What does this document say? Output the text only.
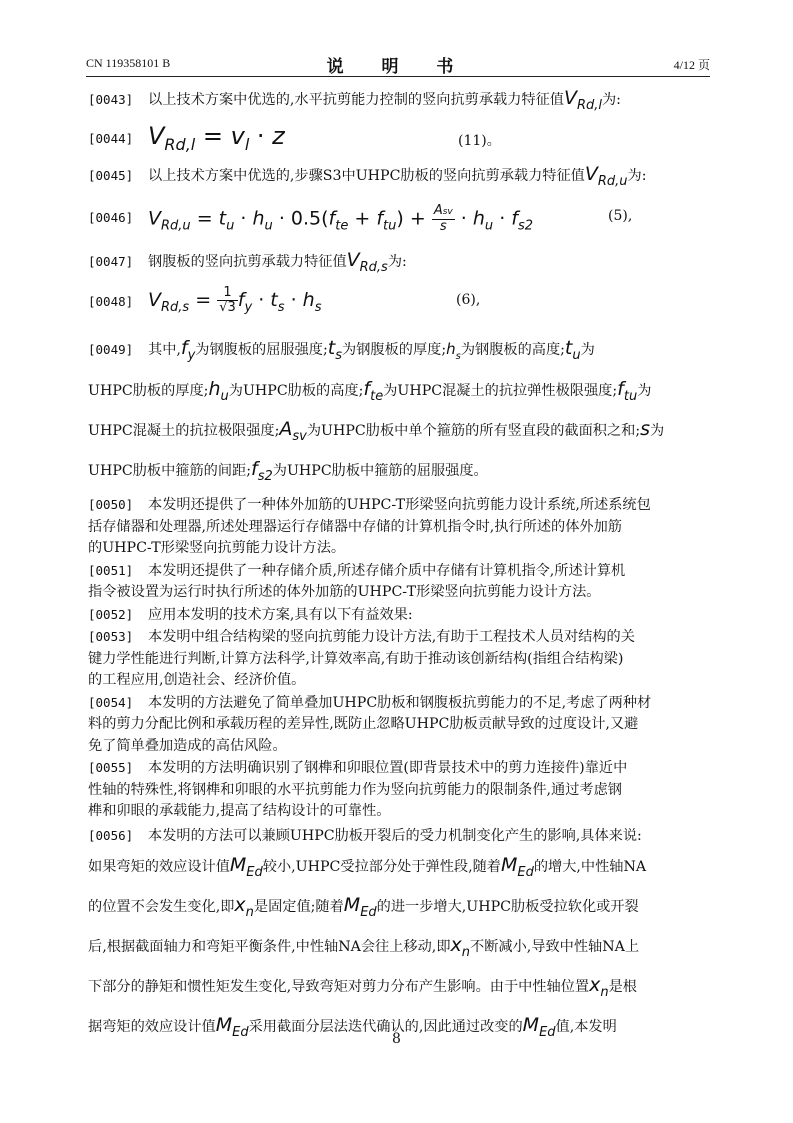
CN 119358101 B	说 明 书	4/12 页
[0043] 以上技术方案中优选的,水平抗剪能力控制的竖向抗剪承载力特征值$V_{Rd,l}$为:
[0044] $V_{Rd,l} = v_l \cdot z$	(11)。
[0045] 以上技术方案中优选的,步骤S3中UHPC肋板的竖向抗剪承载力特征值$V_{Rd,u}$为:
[0046] $V_{Rd,u} = t_u \cdot h_u \cdot 0.5(f_{te} + f_{tu}) + \frac{\text{Asv}}{s} \cdot h_u \cdot f_{s2}$
(5),
[0047] 钢腹板的竖向抗剪承载力特征值$V_{Rd,s}$为:
[0048] $V_{Rd,s} = \frac{1}{√3} f_y \cdot t_s \cdot h_s$	(6),
[0049] 其中$,f_y$为钢腹板的屈服强度$;t_s$为钢腹板的厚度$;h_s$为钢腹板的高度$;t_u$为
UHPC肋板的厚度$;h_u$为UHPC肋板的高度$;f_{te}$为UHPC混凝土的抗拉弹性极限强度$;f_{tu}$为
UHPC混凝土的抗拉极限强度$;A_{sv}$为UHPC肋板中单个箍筋的所有竖直段的截面积之和;s为
UHPC肋板中箍筋的间距$;f_{s2}$为UHPC肋板中箍筋的屈服强度。
[0050] 本发明还提供了一种体外加筋的UHPC-T形梁竖向抗剪能力设计系统,所述系统包
括存储器和处理器,所述处理器运行存储器中存储的计算机指令时,执行所述的体外加筋
的UHPC-T形梁竖向抗剪能力设计方法。
[0051] 本发明还提供了一种存储介质,所述存储介质中存储有计算机指令,所述计算机
指令被设置为运行时执行所述的体外加筋的UHPC-T形梁竖向抗剪能力设计方法。
[0052] 应用本发明的技术方案,具有以下有益效果:
[0053] 本发明中组合结构梁的竖向抗剪能力设计方法,有助于工程技术人员对结构的关
键力学性能进行判断,计算方法科学,计算效率高,有助于推动该创新结构(指组合结构梁)
的工程应用,创造社会、经济价值。
[0054] 本发明的方法避免了简单叠加UHPC肋板和钢腹板抗剪能力的不足,考虑了两种材
料的剪力分配比例和承载历程的差异性,既防止忽略UHPC肋板贡献导致的过度设计,又避
免了简单叠加造成的高估风险。
[0055] 本发明的方法明确识别了钢榫和卯眼位置(即背景技术中的剪力连接件)靠近中
性轴的特殊性,将钢榫和卯眼的水平抗剪能力作为竖向抗剪能力的限制条件,通过考虑钢
榫和卯眼的承载能力,提高了结构设计的可靠性。
[0056] 本发明的方法可以兼顾UHPC肋板开裂后的受力机制变化产生的影响,具体来说:
如果弯矩的效应设计值$M_{Ed}$较小,UHPC受拉部分处于弹性段,随着$M_{Ed}$的增大,中性轴NA
的位置不会发生变化,即$x_n$是固定值;随着$M_{Ed}$的进一步增大,UHPC肋板受拉软化或开裂
后,根据截面轴力和弯矩平衡条件,中性轴NA会往上移动,即$x_n$不断减小,导致中性轴NA上
下部分的静矩和惯性矩发生变化,导致弯矩对剪力分布产生影响。由于中性轴位置$x_n$是根
据弯矩的效应设计值$M_{Ed}$采用截面分层法迭代确认的,因此通过改变的$M_{Ed}$值,本发明
8
